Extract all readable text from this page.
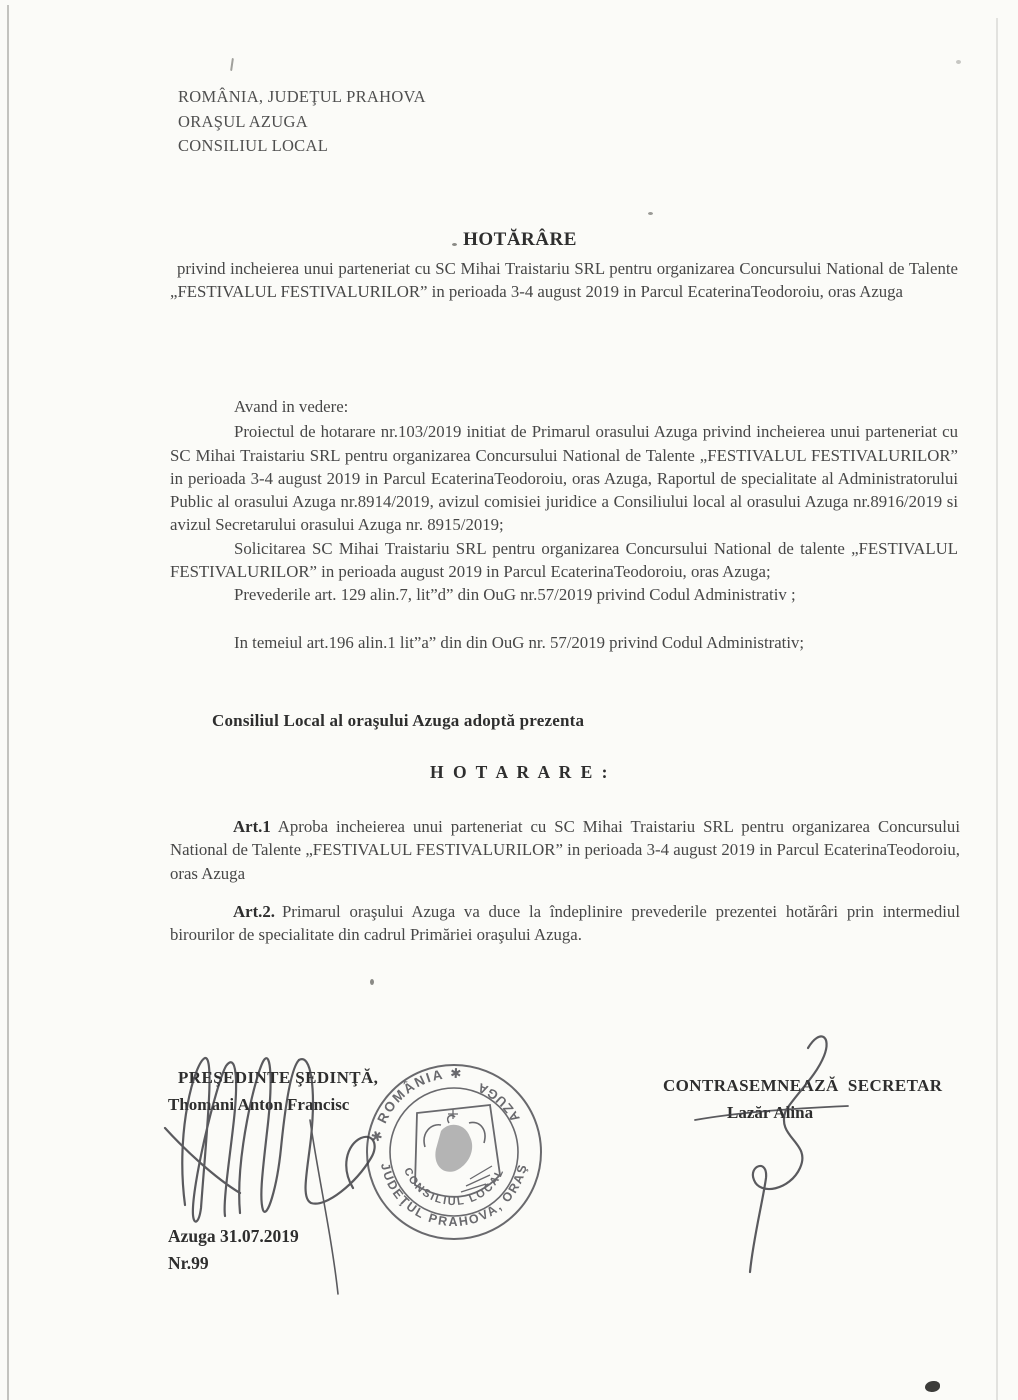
ROMÂNIA, JUDEŢUL PRAHOVA
ORAŞUL AZUGA
CONSILIUL LOCAL
HOTĂRÂRE

privind incheierea unui parteneriat cu SC Mihai Traistariu SRL pentru organizarea Concursului National de Talente „FESTIVALUL FESTIVALURILOR” in perioada 3-4 august 2019 in Parcul EcaterinaTeodoroiu, oras Azuga

Avand in vedere:

Proiectul de hotarare nr.103/2019 initiat de Primarul orasului Azuga privind incheierea unui parteneriat cu SC Mihai Traistariu SRL pentru organizarea Concursului National de Talente „FESTIVALUL FESTIVALURILOR” in perioada 3-4 august 2019 in Parcul EcaterinaTeodoroiu, oras Azuga, Raportul de specialitate al Administratorului Public al orasului Azuga nr.8914/2019, avizul comisiei juridice a Consiliului local al orasului Azuga nr.8916/2019 si avizul Secretarului orasului Azuga nr. 8915/2019;

Solicitarea SC Mihai Traistariu SRL pentru organizarea Concursului National de talente „FESTIVALUL FESTIVALURILOR” in perioada august 2019 in Parcul EcaterinaTeodoroiu, oras Azuga;

Prevederile art. 129 alin.7, lit”d” din OuG nr.57/2019 privind Codul Administrativ ;

In temeiul art.196 alin.1 lit”a” din din OuG nr. 57/2019 privind Codul Administrativ;

Consiliul Local al oraşului Azuga adoptă prezenta

H O T A R A R E :

Art.1 Aproba incheierea unui parteneriat cu SC Mihai Traistariu SRL pentru organizarea Concursului National de Talente „FESTIVALUL FESTIVALURILOR” in perioada 3-4 august 2019 in Parcul EcaterinaTeodoroiu, oras Azuga

Art.2. Primarul oraşului Azuga va duce la îndeplinire prevederile prezentei hotărâri prin intermediul birourilor de specialitate din cadrul Primăriei oraşului Azuga.

PREŞEDINTE ŞEDINŢĂ,
Thomani Anton Francisc
CONTRASEMNEAZĂ  SECRETAR
Lazăr Alina
✱ ROMÂNIA ✱
AZUGA
JUDEŢUL PRAHOVA, ORAŞ
CONSILIUL LOCAL
Azuga 31.07.2019
Nr.99
